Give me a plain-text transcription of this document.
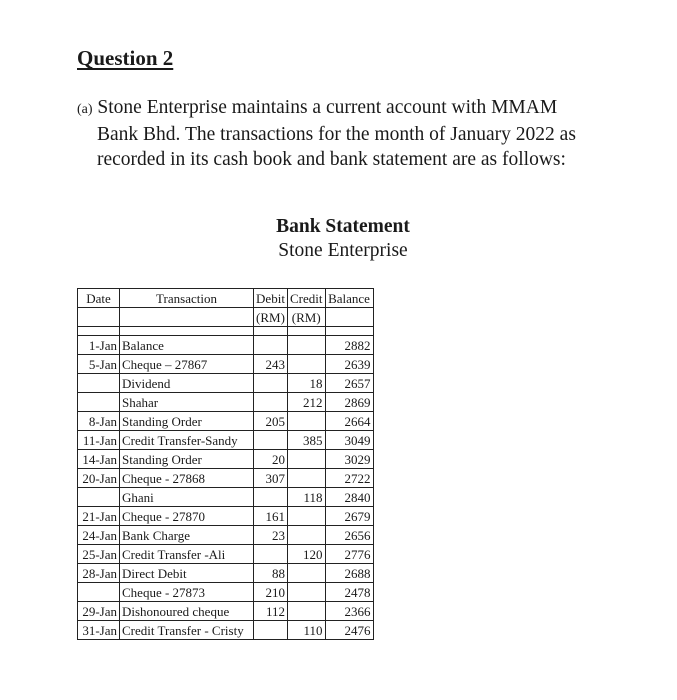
Question 2
(a) Stone Enterprise maintains a current account with MMAM
Bank Bhd. The transactions for the month of January 2022 as
recorded in its cash book and bank statement are as follows:
Bank Statement
Stone Enterprise
Date	Transaction	Debit	Credit	Balance
		(RM)	(RM)	

1-Jan	Balance			2882
5-Jan	Cheque – 27867	243		2639
	Dividend		18	2657
	Shahar		212	2869
8-Jan	Standing Order	205		2664
11-Jan	Credit Transfer-Sandy		385	3049
14-Jan	Standing Order	20		3029
20-Jan	Cheque - 27868	307		2722
	Ghani		118	2840
21-Jan	Cheque - 27870	161		2679
24-Jan	Bank Charge	23		2656
25-Jan	Credit Transfer -Ali		120	2776
28-Jan	Direct Debit	88		2688
	Cheque - 27873	210		2478
29-Jan	Dishonoured cheque	112		2366
31-Jan	Credit Transfer - Cristy		110	2476
